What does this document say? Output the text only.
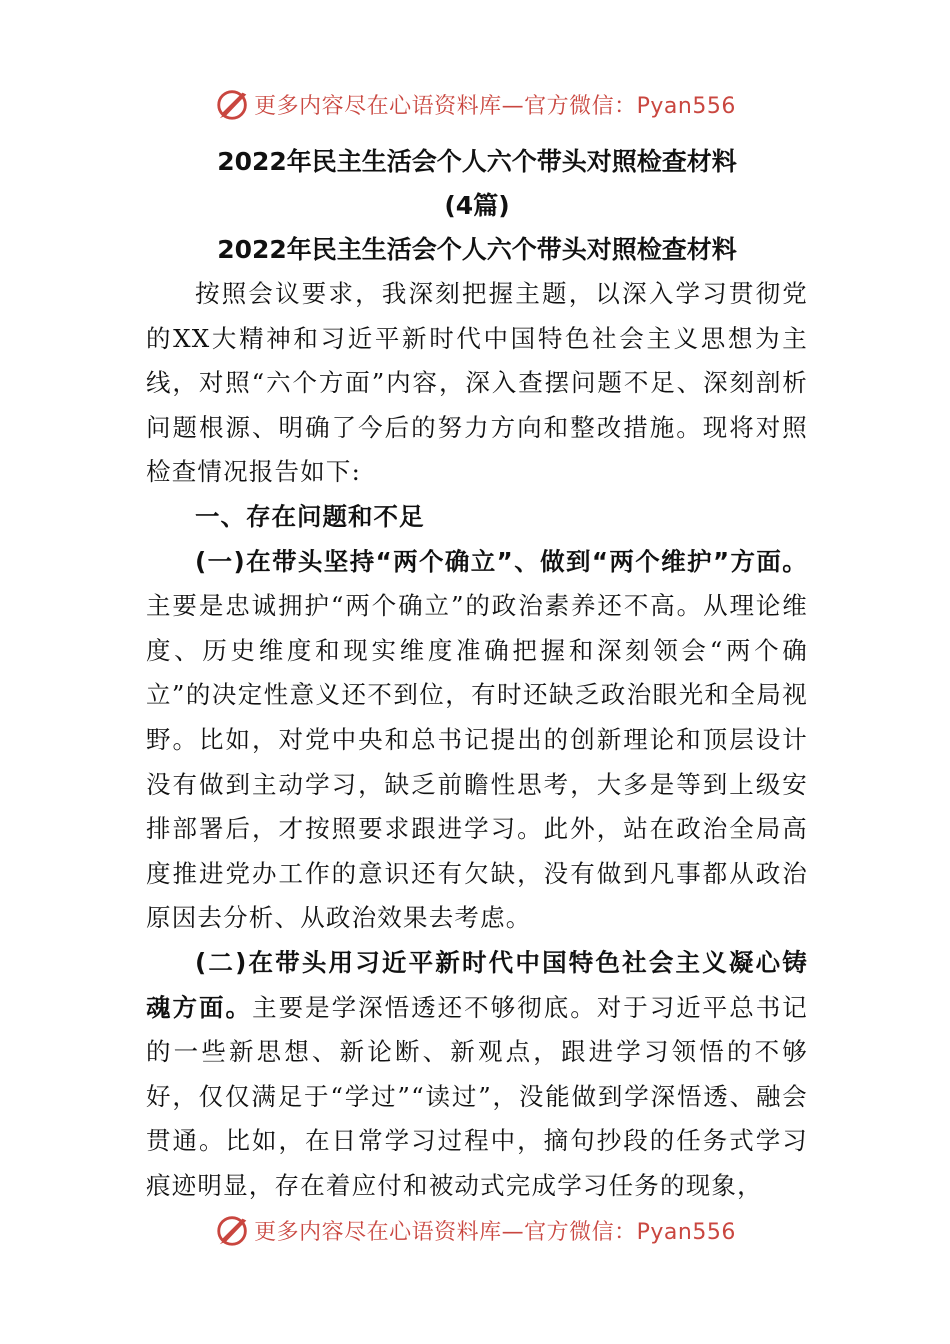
更多内容尽在心语资料库—官方微信：Pyan556
2022年民主生活会个人六个带头对照检查材料
(4篇)
2022年民主生活会个人六个带头对照检查材料

按照会议要求，我深刻把握主题，以深入学习贯彻党的XX大精神和习近平新时代中国特色社会主义思想为主线，对照“六个方面”内容，深入查摆问题不足、深刻剖析问题根源、明确了今后的努力方向和整改措施。现将对照检查情况报告如下:

一、存在问题和不足

(一)在带头坚持“两个确立”、做到“两个维护”方面。主要是忠诚拥护“两个确立”的政治素养还不高。从理论维度、历史维度和现实维度准确把握和深刻领会“两个确立”的决定性意义还不到位，有时还缺乏政治眼光和全局视野。比如，对党中央和总书记提出的创新理论和顶层设计没有做到主动学习，缺乏前瞻性思考，大多是等到上级安排部署后，才按照要求跟进学习。此外，站在政治全局高度推进党办工作的意识还有欠缺，没有做到凡事都从政治原因去分析、从政治效果去考虑。

(二)在带头用习近平新时代中国特色社会主义凝心铸魂方面。主要是学深悟透还不够彻底。对于习近平总书记的一些新思想、新论断、新观点，跟进学习领悟的不够好，仅仅满足于“学过”“读过”，没能做到学深悟透、融会贯通。比如，在日常学习过程中，摘句抄段的任务式学习痕迹明显，存在着应付和被动式完成学习任务的现象，

更多内容尽在心语资料库—官方微信：Pyan556
